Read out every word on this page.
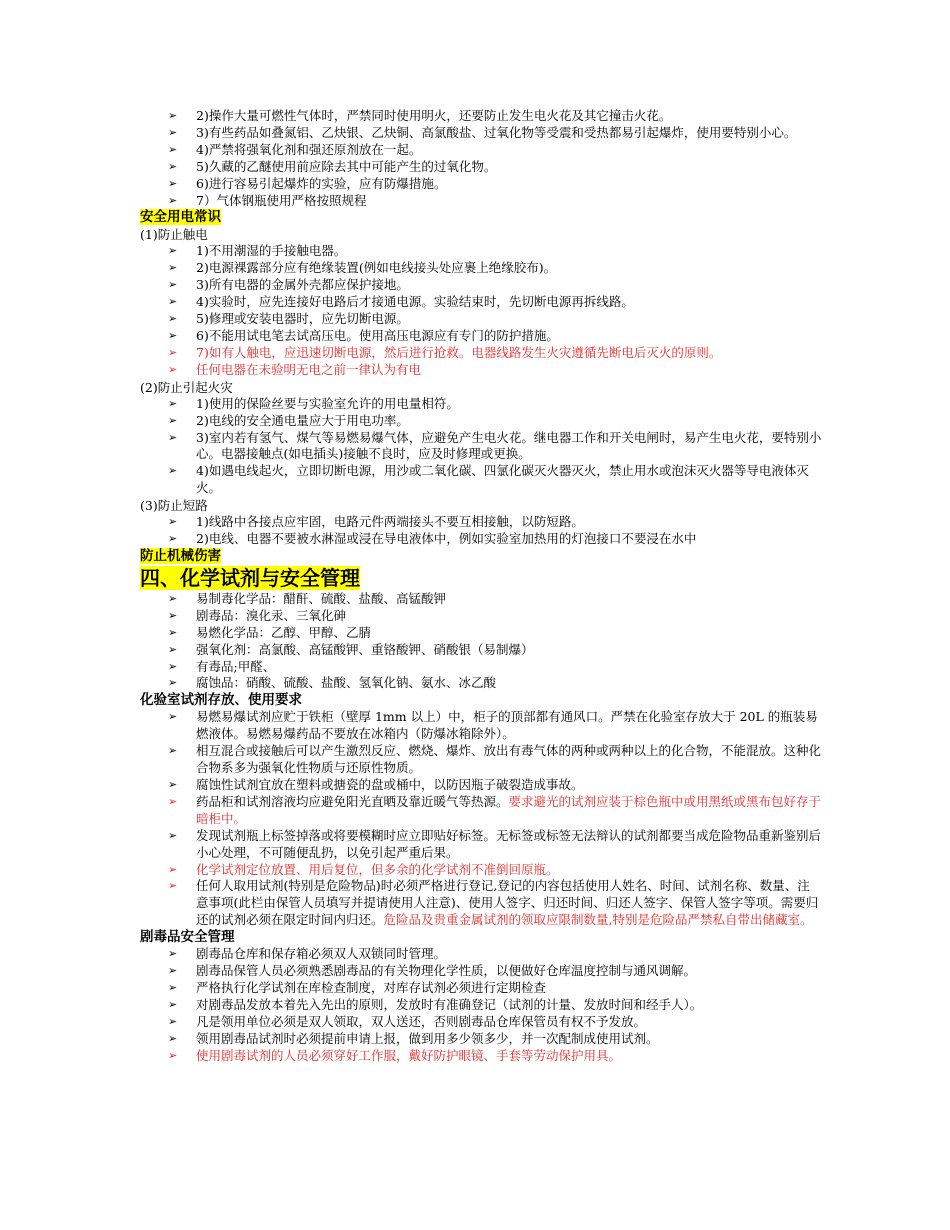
➢	2)操作大量可燃性气体时，严禁同时使用明火，还要防止发生电火花及其它撞击火花。
➢	3)有些药品如叠氮铝、乙炔银、乙炔铜、高氯酸盐、过氧化物等受震和受热都易引起爆炸，使用要特别小心。
➢	4)严禁将强氧化剂和强还原剂放在一起。
➢	5)久藏的乙醚使用前应除去其中可能产生的过氧化物。
➢	6)进行容易引起爆炸的实验，应有防爆措施。
➢	7）气体钢瓶使用严格按照规程
安全用电常识
(1)防止触电
➢	1)不用潮湿的手接触电器。
➢	2)电源裸露部分应有绝缘装置(例如电线接头处应裹上绝缘胶布)。
➢	3)所有电器的金属外壳都应保护接地。
➢	4)实验时，应先连接好电路后才接通电源。实验结束时，先切断电源再拆线路。
➢	5)修理或安装电器时，应先切断电源。
➢	6)不能用试电笔去试高压电。使用高压电源应有专门的防护措施。
➢	7)如有人触电，应迅速切断电源，然后进行抢救。电器线路发生火灾遵循先断电后灭火的原则。
➢	任何电器在未验明无电之前一律认为有电
(2)防止引起火灾
➢	1)使用的保险丝要与实验室允许的用电量相符。
➢	2)电线的安全通电量应大于用电功率。
➢	3)室内若有氢气、煤气等易燃易爆气体，应避免产生电火花。继电器工作和开关电闸时，易产生电火花，要特别小心。电器接触点(如电插头)接触不良时，应及时修理或更换。
➢	4)如遇电线起火，立即切断电源，用沙或二氧化碳、四氯化碳灭火器灭火，禁止用水或泡沫灭火器等导电液体灭火。
(3)防止短路
➢	1)线路中各接点应牢固，电路元件两端接头不要互相接触，以防短路。
➢	2)电线、电器不要被水淋湿或浸在导电液体中，例如实验室加热用的灯泡接口不要浸在水中
防止机械伤害
四、化学试剂与安全管理
➢	易制毒化学品：醋酐、硫酸、盐酸、高锰酸钾
➢	剧毒品：溴化汞、三氧化砷
➢	易燃化学品：乙醇、甲醇、乙腈
➢	强氧化剂：高氯酸、高锰酸钾、重铬酸钾、硝酸银（易制爆）
➢	有毒品;甲醛、
➢	腐蚀品：硝酸、硫酸、盐酸、氢氧化钠、氨水、冰乙酸
化验室试剂存放、使用要求
➢	易燃易爆试剂应贮于铁柜（壁厚 1mm 以上）中，柜子的顶部都有通风口。严禁在化验室存放大于 20L 的瓶装易燃液体。易燃易爆药品不要放在冰箱内（防爆冰箱除外）。
➢	相互混合或接触后可以产生激烈反应、燃烧、爆炸、放出有毒气体的两种或两种以上的化合物，不能混放。这种化合物系多为强氧化性物质与还原性物质。
➢	腐蚀性试剂宜放在塑料或搪瓷的盘或桶中，以防因瓶子破裂造成事故。
➢	药品柜和试剂溶液均应避免阳光直晒及靠近暖气等热源。要求避光的试剂应装于棕色瓶中或用黑纸或黑布包好存于暗柜中。
➢	发现试剂瓶上标签掉落或将要模糊时应立即贴好标签。无标签或标签无法辩认的试剂都要当成危险物品重新鉴别后小心处理，不可随便乱扔，以免引起严重后果。
➢	化学试剂定位放置、用后复位，但多余的化学试剂不准倒回原瓶。
➢	任何人取用试剂(特别是危险物品)时必须严格进行登记,登记的内容包括使用人姓名、时间、试剂名称、数量、注意事项(此栏由保管人员填写并提请使用人注意)、使用人签字、归还时间、归还人签字、保管人签字等项。需要归还的试剂必须在限定时间内归还。危险品及贵重金属试剂的领取应限制数量,特别是危险品严禁私自带出储藏室。
剧毒品安全管理
➢	剧毒品仓库和保存箱必须双人双锁同时管理。
➢	剧毒品保管人员必须熟悉剧毒品的有关物理化学性质，以便做好仓库温度控制与通风调解。
➢	严格执行化学试剂在库检查制度，对库存试剂必须进行定期检查
➢	对剧毒品发放本着先入先出的原则，发放时有准确登记（试剂的计量、发放时间和经手人）。
➢	凡是领用单位必须是双人领取，双人送还，否则剧毒品仓库保管员有权不予发放。
➢	领用剧毒品试剂时必须提前申请上报，做到用多少领多少，并一次配制成使用试剂。
➢	使用剧毒试剂的人员必须穿好工作服，戴好防护眼镜、手套等劳动保护用具。
